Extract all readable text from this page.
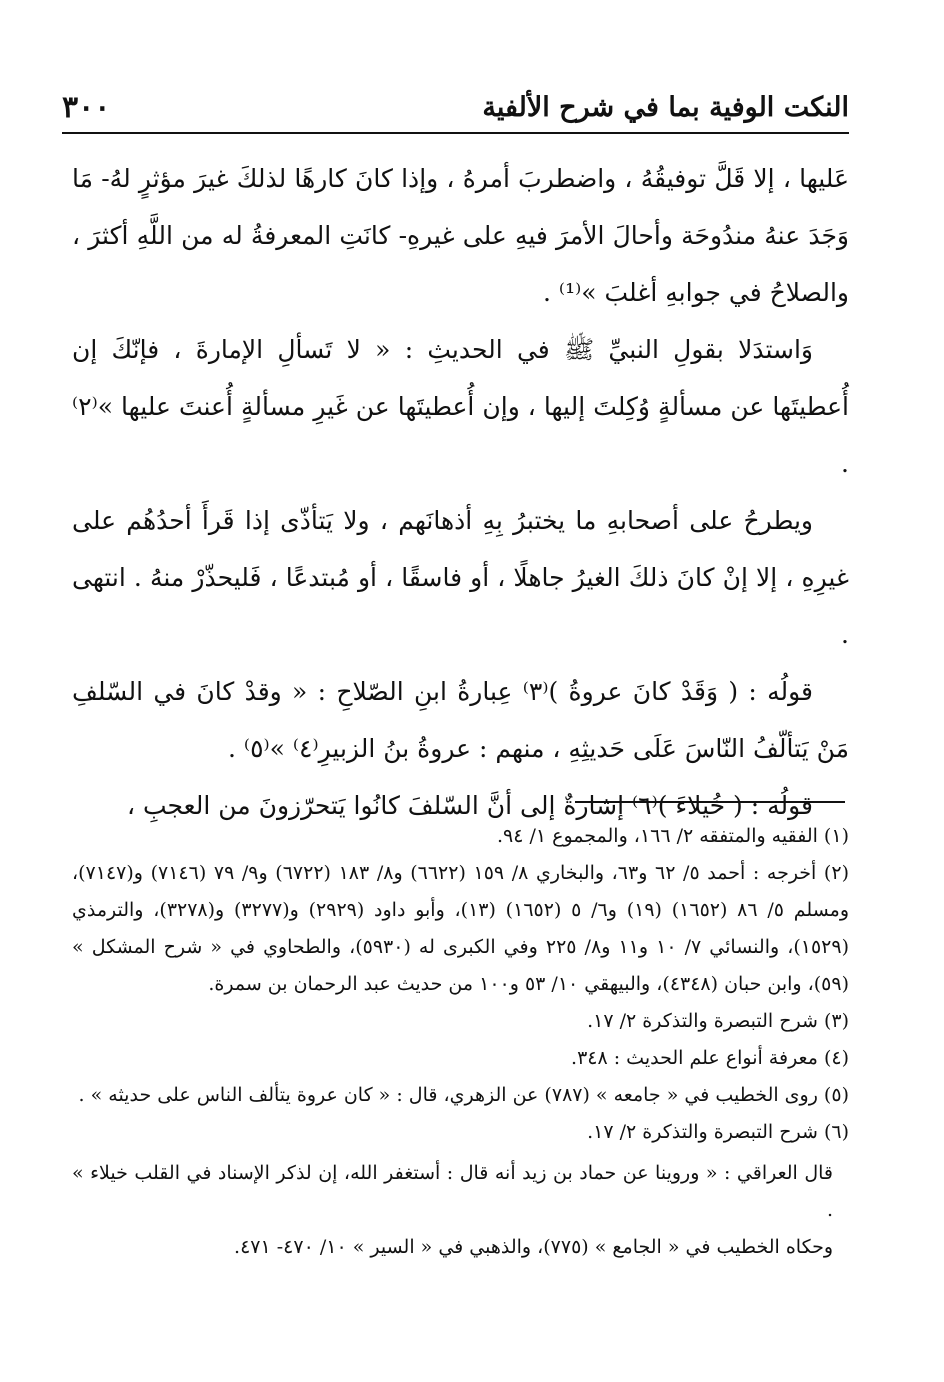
النكت الوفية بما في شرح الألفية
٣٠٠

عَليها ، إلا قَلَّ توفيقُهُ ، واضطربَ أمرهُ ، وإذا كانَ كارهًا لذلكَ غيرَ مؤثرٍ لهُ- مَا وَجَدَ عنهُ مندُوحَة وأحالَ الأمرَ فيهِ على غيرهِ- كانَتِ المعرفةُ له من اللَّهِ أكثرَ ، والصلاحُ في جوابهِ أغلبَ »⁽¹⁾ .

وَاستدَلا بقولِ النبيِّ ﷺ في الحديثِ : « لا تَسألِ الإمارةَ ، فإنّكَ إن أُعطيتَها عن مسألةٍ وُكِلتَ إليها ، وإن أُعطيتَها عن غَيرِ مسألةٍ أُعنتَ عليها »⁽٢⁾ .

ويطرحُ على أصحابهِ ما يختبرُ بِهِ أذهانَهم ، ولا يَتأذّى إذا قَرأَ أحدُهُم على غيرِهِ ، إلا إنْ كانَ ذلكَ الغيرُ جاهلًا ، أو فاسقًا ، أو مُبتدعًا ، فَليحذّرْ منهُ . انتهى .

قولُه : ( وَقَدْ كانَ عروةُ )⁽٣⁾ عِبارةُ ابنِ الصّلاحِ : « وقدْ كانَ في السّلفِ مَنْ يَتألّفُ النّاسَ عَلَى حَديثِهِ ، منهم : عروةُ بنُ الزبيرِ⁽٤⁾ »⁽٥⁾ .

قولُه : ( خُيلاءَ )⁽٦⁾ إشارةٌ إلى أنَّ السّلفَ كانُوا يَتحرّزونَ من العجبِ ،

(١) الفقيه والمتفقه ٢/ ١٦٦، والمجموع ١/ ٩٤.

(٢) أخرجه : أحمد ٥/ ٦٢ و٦٣، والبخاري ٨/ ١٥٩ (٦٦٢٢) و٨/ ١٨٣ (٦٧٢٢) و٩/ ٧٩ (٧١٤٦) و(٧١٤٧)، ومسلم ٥/ ٨٦ (١٦٥٢) (١٩) و٦/ ٥ (١٦٥٢) (١٣)، وأبو داود (٢٩٢٩) و(٣٢٧٧) و(٣٢٧٨)، والترمذي (١٥٢٩)، والنسائي ٧/ ١٠ و١١ و٨/ ٢٢٥ وفي الكبرى له (٥٩٣٠)، والطحاوي في « شرح المشكل » (٥٩)، وابن حبان (٤٣٤٨)، والبيهقي ١٠/ ٥٣ و١٠٠ من حديث عبد الرحمان بن سمرة.

(٣) شرح التبصرة والتذكرة ٢/ ١٧.

(٤) معرفة أنواع علم الحديث : ٣٤٨.

(٥) روى الخطيب في « جامعه » (٧٨٧) عن الزهري، قال : « كان عروة يتألف الناس على حديثه » .

(٦) شرح التبصرة والتذكرة ٢/ ١٧.

قال العراقي : « وروينا عن حماد بن زيد أنه قال : أستغفر الله، إن لذكر الإسناد في القلب خيلاء » .

وحكاه الخطيب في « الجامع » (٧٧٥)، والذهبي في « السير » ١٠/ ٤٧٠- ٤٧١.
